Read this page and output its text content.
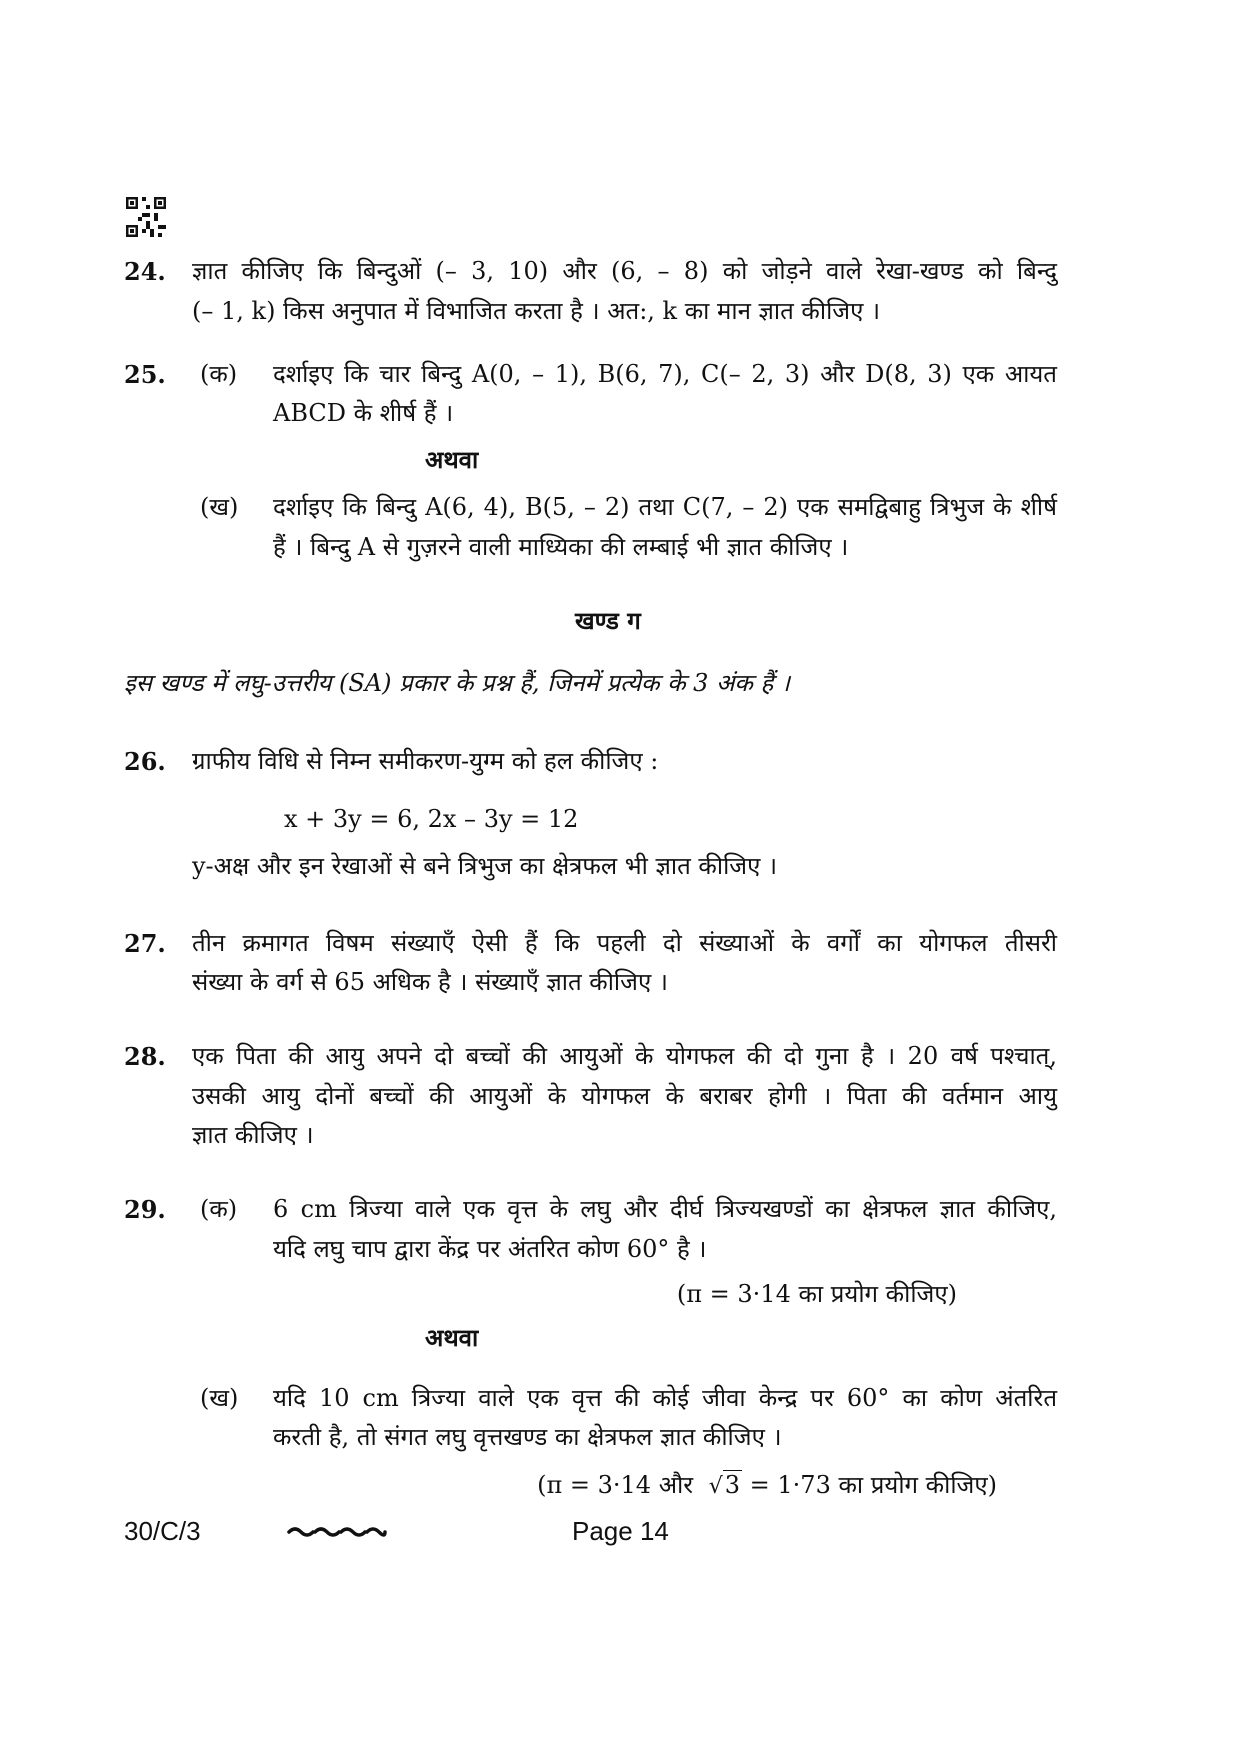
24. ज्ञात कीजिए कि बिन्दुओं (– 3, 10) और (6, – 8) को जोड़ने वाले रेखा-खण्ड को बिन्दु
(– 1, k) किस अनुपात में विभाजित करता है । अत:, k का मान ज्ञात कीजिए ।
25. (क) दर्शाइए कि चार बिन्दु A(0, – 1), B(6, 7), C(– 2, 3) और D(8, 3) एक आयत
ABCD के शीर्ष हैं ।
अथवा
(ख) दर्शाइए कि बिन्दु A(6, 4), B(5, – 2) तथा C(7, – 2) एक समद्विबाहु त्रिभुज के शीर्ष
हैं । बिन्दु A से गुज़रने वाली माध्यिका की लम्बाई भी ज्ञात कीजिए ।
खण्ड ग
इस खण्ड में लघु-उत्तरीय (SA) प्रकार के प्रश्न हैं, जिनमें प्रत्येक के 3 अंक हैं ।
26. ग्राफीय विधि से निम्न समीकरण-युग्म को हल कीजिए :
x + 3y = 6, 2x – 3y = 12
y-अक्ष और इन रेखाओं से बने त्रिभुज का क्षेत्रफल भी ज्ञात कीजिए ।
27. तीन क्रमागत विषम संख्याएँ ऐसी हैं कि पहली दो संख्याओं के वर्गों का योगफल तीसरी
संख्या के वर्ग से 65 अधिक है । संख्याएँ ज्ञात कीजिए ।
28. एक पिता की आयु अपने दो बच्चों की आयुओं के योगफल की दो गुना है । 20 वर्ष पश्चात्,
उसकी आयु दोनों बच्चों की आयुओं के योगफल के बराबर होगी । पिता की वर्तमान आयु
ज्ञात कीजिए ।
29. (क) 6 cm त्रिज्या वाले एक वृत्त के लघु और दीर्घ त्रिज्यखण्डों का क्षेत्रफल ज्ञात कीजिए,
यदि लघु चाप द्वारा केंद्र पर अंतरित कोण 60° है ।
(π = 3·14 का प्रयोग कीजिए)
अथवा
(ख) यदि 10 cm त्रिज्या वाले एक वृत्त की कोई जीवा केन्द्र पर 60° का कोण अंतरित
करती है, तो संगत लघु वृत्तखण्ड का क्षेत्रफल ज्ञात कीजिए ।
(π = 3·14 और √3 = 1·73 का प्रयोग कीजिए)
30/C/3	Page 14
